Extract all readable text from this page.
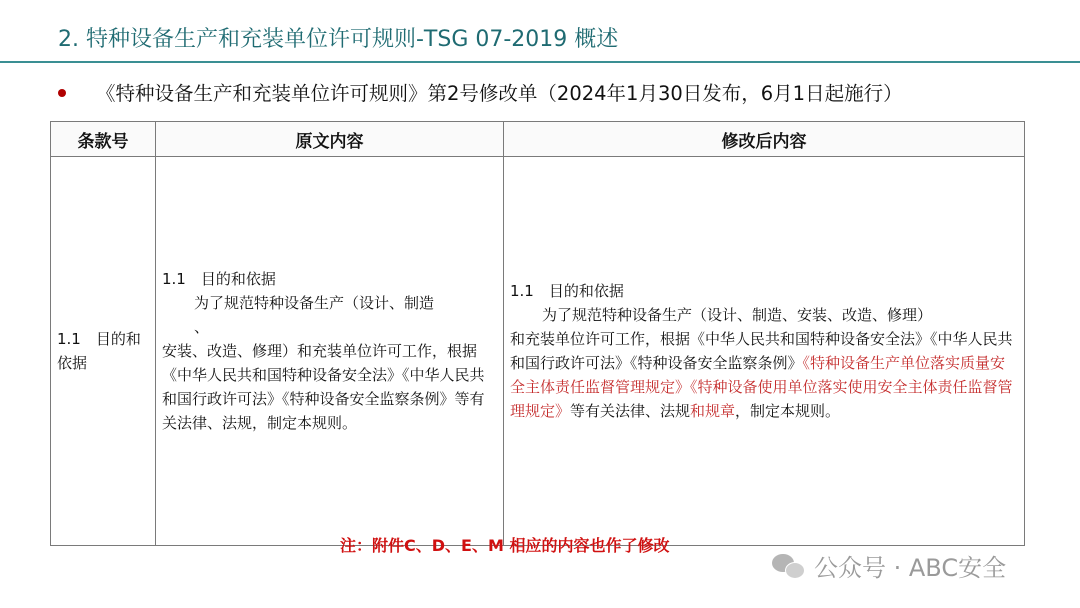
2. 特种设备生产和充装单位许可规则-TSG 07-2019 概述
《特种设备生产和充装单位许可规则》第2号修改单（2024年1月30日发布，6月1日起施行）
条款号	原文内容	修改后内容
1.1　目的和依据	1.1　目的和依据
为了规范特种设备生产（设计、制造
、
安装、改造、修理）和充装单位许可工作，根据《中华人民共和国特种设备安全法》《中华人民共和国行政许可法》《特种设备安全监察条例》等有关法律、法规，制定本规则。	1.1　目的和依据
为了规范特种设备生产（设计、制造、安装、改造、修理）
和充装单位许可工作，根据《中华人民共和国特种设备安全法》《中华人民共和国行政许可法》《特种设备安全监察条例》《特种设备生产单位落实质量安全主体责任监督管理规定》《特种设备使用单位落实使用安全主体责任监督管理规定》等有关法律、法规和规章，制定本规则。
注：附件C、D、E、M 相应的内容也作了修改
公众号 · ABC安全
